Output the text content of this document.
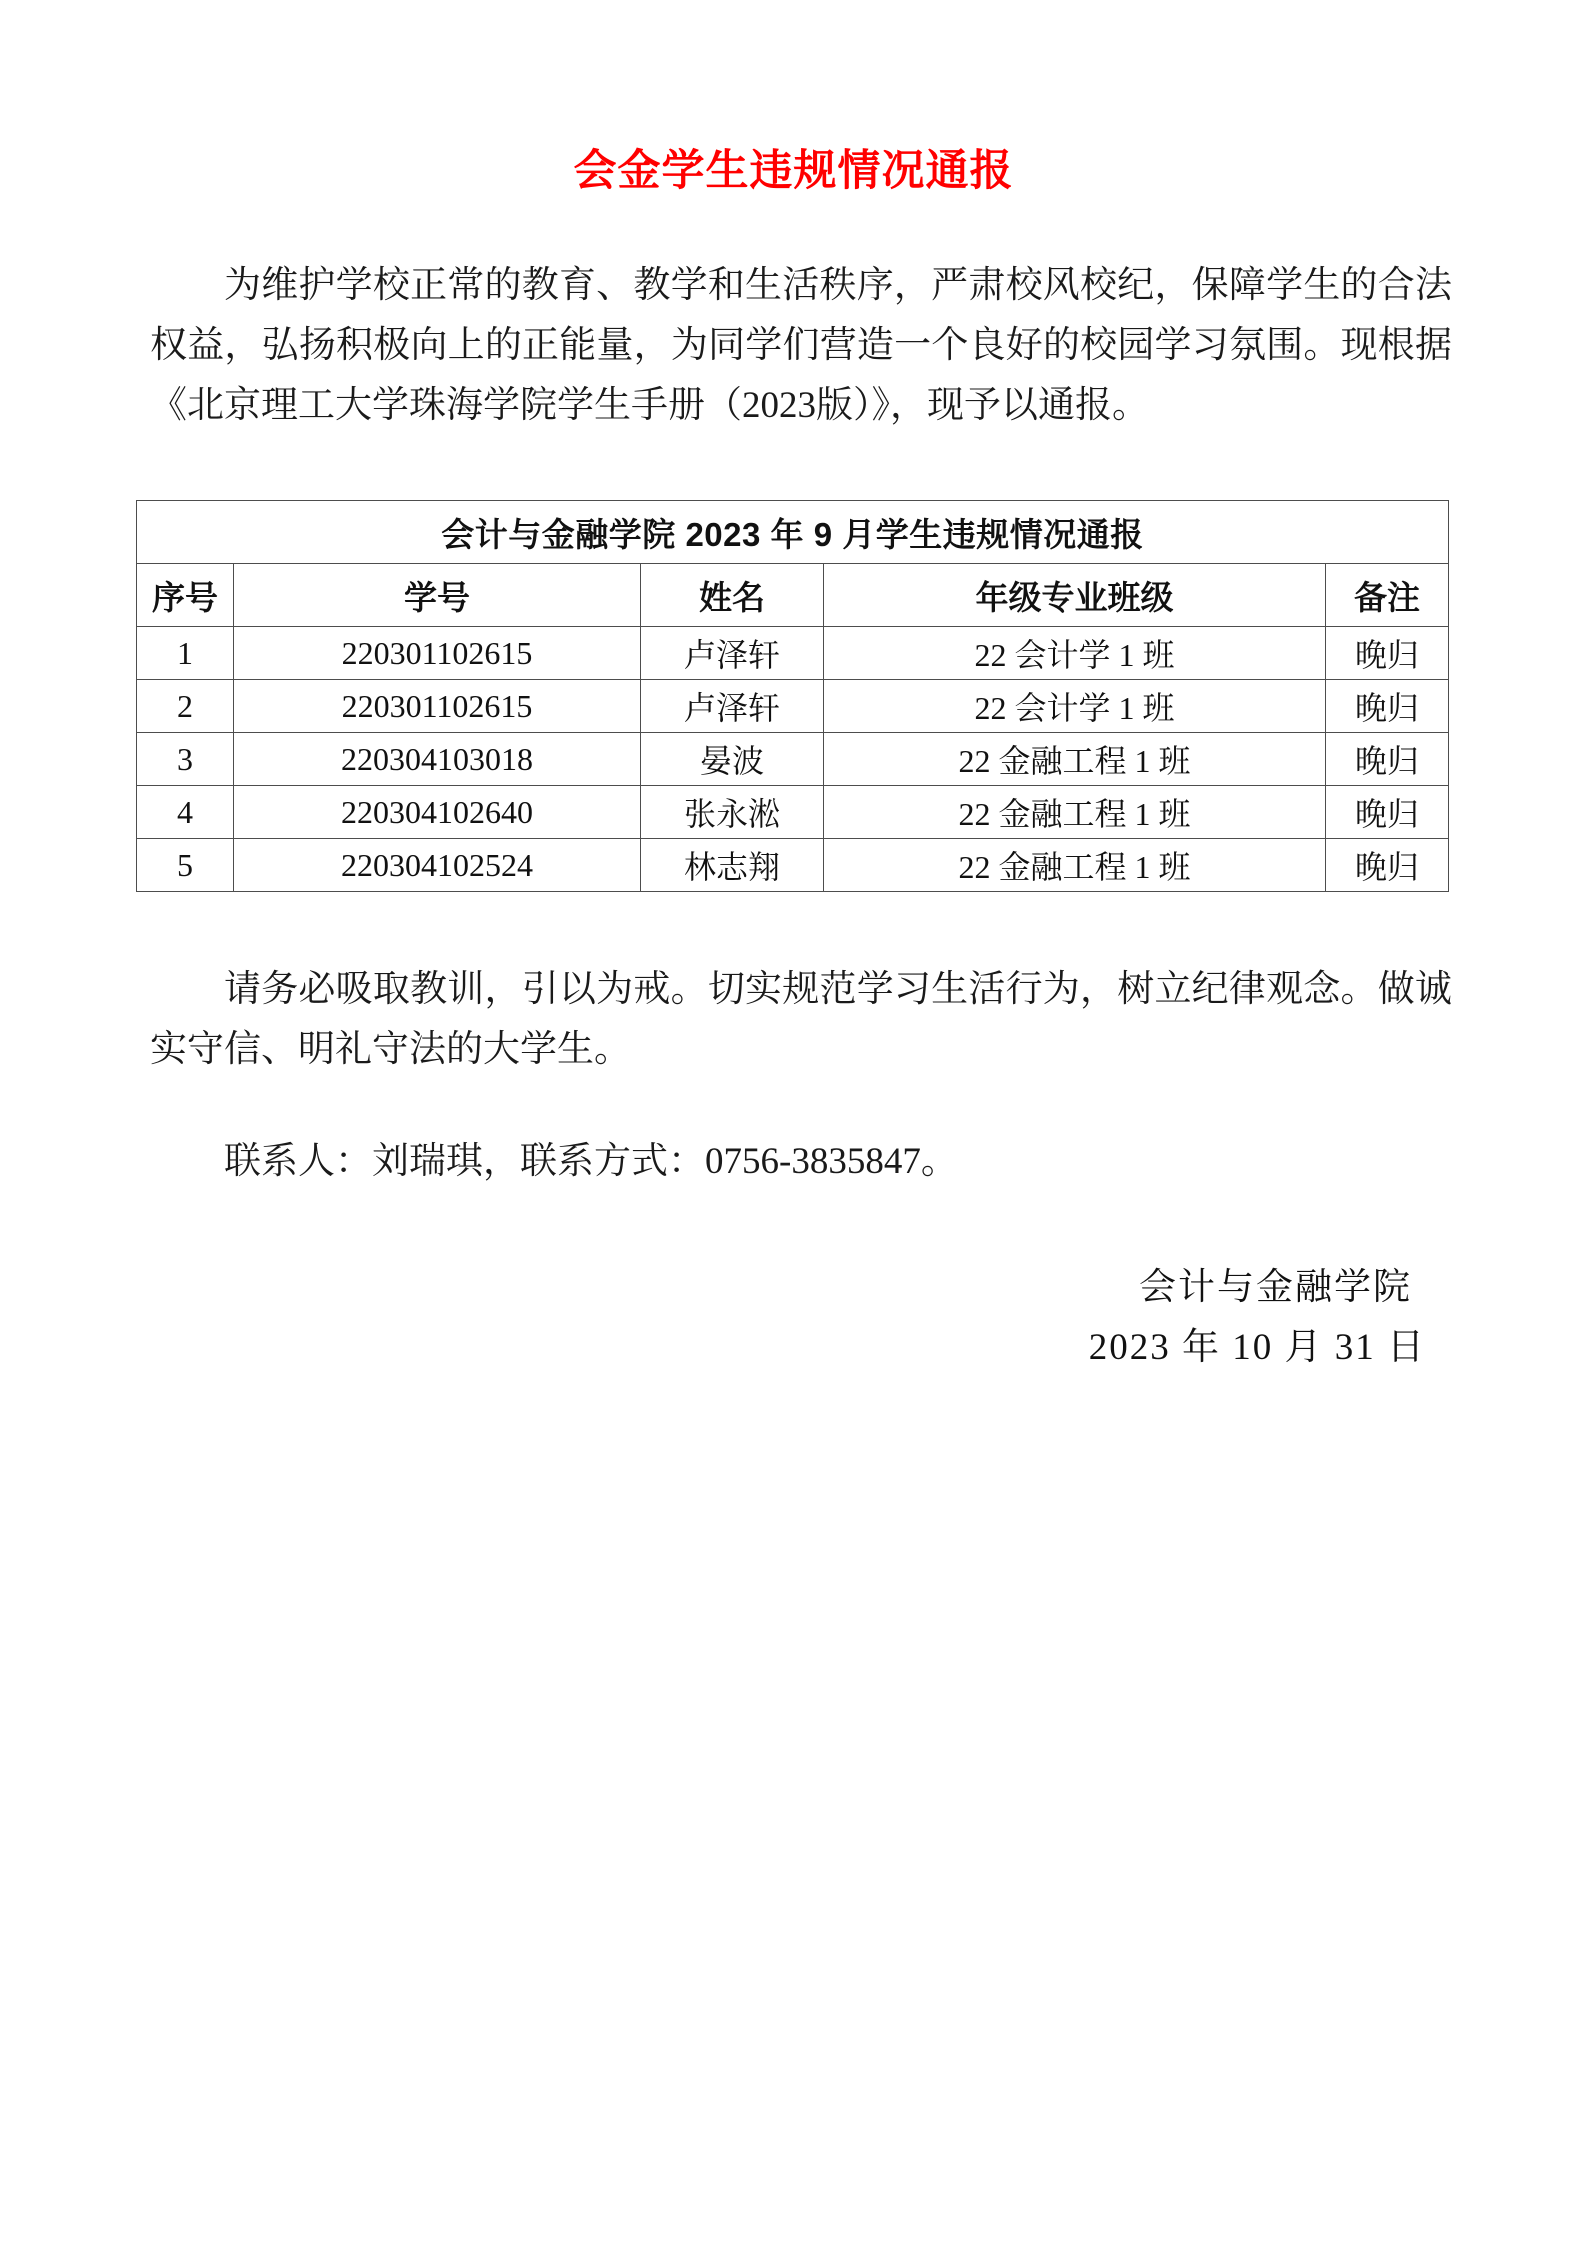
会金学生违规情况通报

为维护学校正常的教育、教学和生活秩序，严肃校风校纪，保障学生的合法权益，弘扬积极向上的正能量，为同学们营造一个良好的校园学习氛围。现根据《北京理工大学珠海学院学生手册（2023版）》，现予以通报。

会计与金融学院 2023 年 9 月学生违规情况通报				
序号	学号	姓名	年级专业班级	备注
1	220301102615	卢泽轩	22 会计学 1 班	晚归
2	220301102615	卢泽轩	22 会计学 1 班	晚归
3	220304103018	晏波	22 金融工程 1 班	晚归
4	220304102640	张永淞	22 金融工程 1 班	晚归
5	220304102524	林志翔	22 金融工程 1 班	晚归

请务必吸取教训，引以为戒。切实规范学习生活行为，树立纪律观念。做诚实守信、明礼守法的大学生。

联系人：刘瑞琪，联系方式：0756-3835847。

会计与金融学院
2023 年 10 月 31 日
